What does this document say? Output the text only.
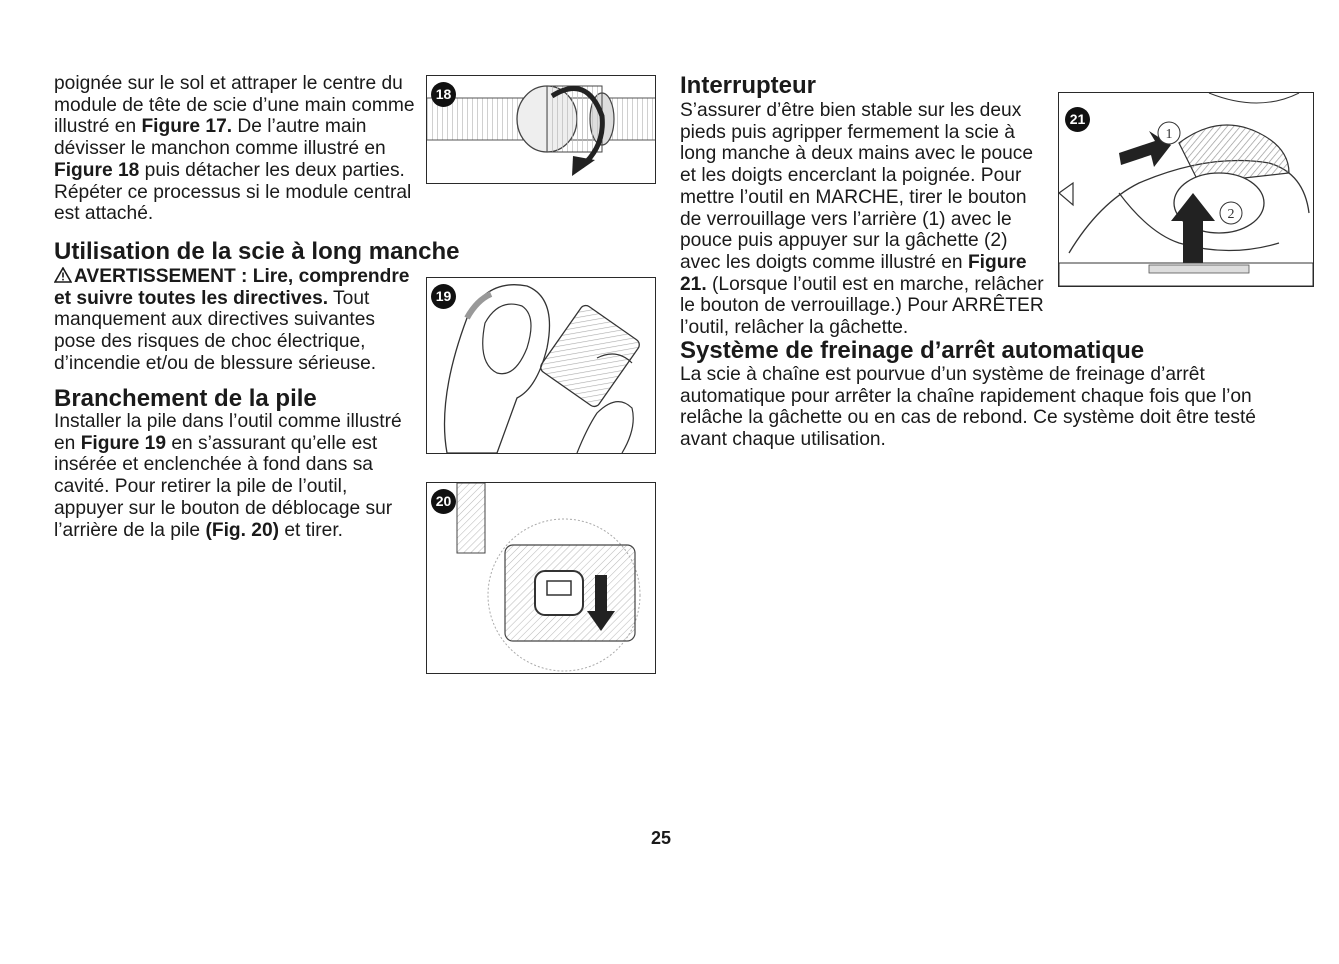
poignée sur le sol et attraper le centre du module de tête de scie d’une main comme illustré en Figure 17. De l’autre main dévisser le manchon comme illustré en Figure 18 puis détacher les deux parties. Répéter ce processus si le module central est attaché.

Utilisation de la scie à long manche

AVERTISSEMENT : Lire, comprendre et suivre toutes les directives. Tout manquement aux directives suivantes pose des risques de choc électrique, d’incendie et/ou de blessure sérieuse.

Branchement de la pile

Installer la pile dans l’outil comme illustré en Figure 19 en s’assurant qu’elle est insérée et enclenchée à fond dans sa cavité. Pour retirer la pile de l’outil, appuyer sur le bouton de déblocage sur l’arrière de la pile (Fig. 20) et tirer.

18
19
20
Interrupteur

S’assurer d’être bien stable sur les deux pieds puis agripper fermement la scie à long manche à deux mains avec le pouce et les doigts encerclant la poignée. Pour mettre l’outil en MARCHE, tirer le bouton de verrouillage vers l’arrière (1) avec le pouce puis appuyer sur la gâchette (2) avec les doigts comme illustré en Figure 21. (Lorsque l’outil est en marche, relâcher le bouton de verrouillage.) Pour ARRÊTER l’outil, relâcher la gâchette.

1
2
21
Système de freinage d’arrêt automatique

La scie à chaîne est pourvue d’un système de freinage d’arrêt automatique pour arrêter la chaîne rapidement chaque fois que l’on relâche la gâchette ou en cas de rebond. Ce système doit être testé avant chaque utilisation.

25
